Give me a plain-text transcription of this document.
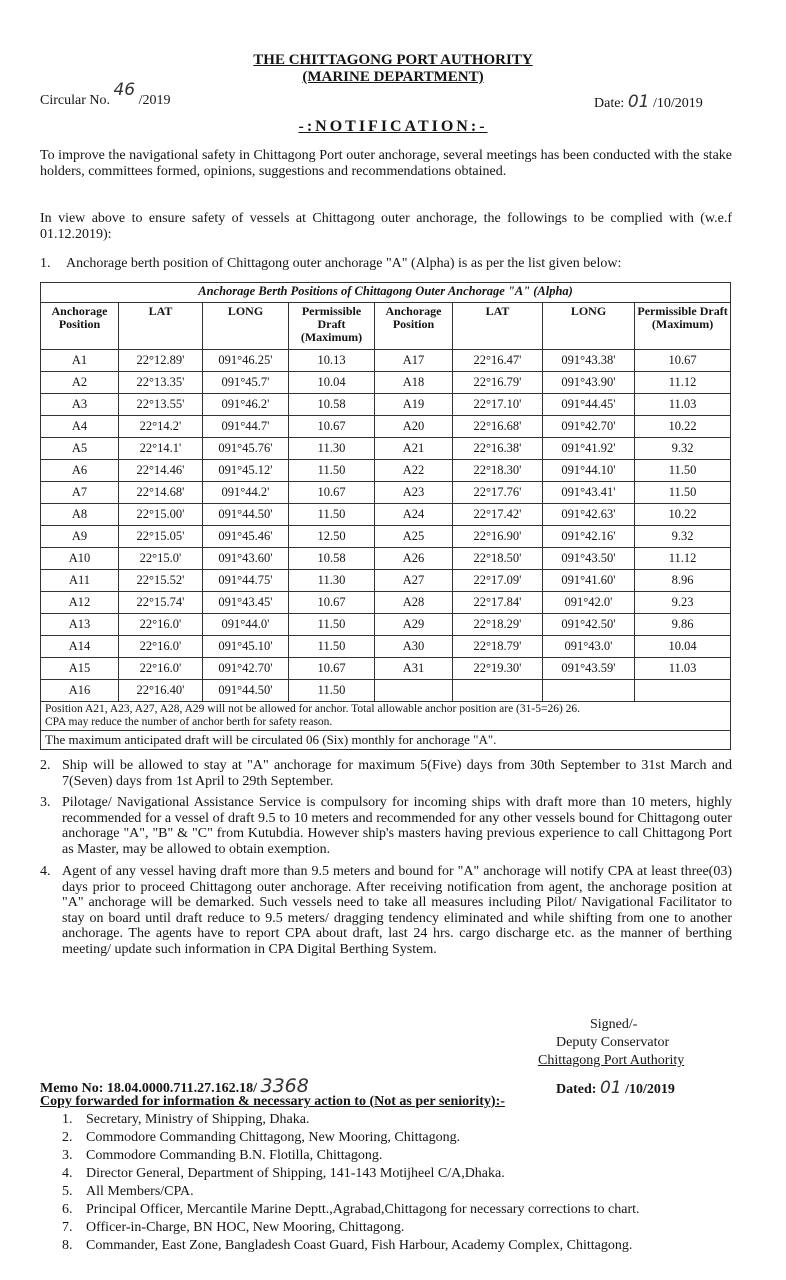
THE CHITTAGONG PORT AUTHORITY
(MARINE DEPARTMENT)
Circular No. 46 /2019	Date: 01 /10/2019
-:NOTIFICATION:-
To improve the navigational safety in Chittagong Port outer anchorage, several meetings has been conducted with the stake holders, committees formed, opinions, suggestions and recommendations obtained.
In view above to ensure safety of vessels at Chittagong outer anchorage, the followings to be complied with (w.e.f 01.12.2019):
1. Anchorage berth position of Chittagong outer anchorage "A" (Alpha) is as per the list given below:
Anchorage Berth Positions of Chittagong Outer Anchorage "A" (Alpha)							
Anchorage Position	LAT	LONG	Permissible Draft (Maximum)	Anchorage Position	LAT	LONG	Permissible Draft (Maximum)
A1	22°12.89'	091°46.25'	10.13	A17	22°16.47'	091°43.38'	10.67
A2	22°13.35'	091°45.7'	10.04	A18	22°16.79'	091°43.90'	11.12
A3	22°13.55'	091°46.2'	10.58	A19	22°17.10'	091°44.45'	11.03
A4	22°14.2'	091°44.7'	10.67	A20	22°16.68'	091°42.70'	10.22
A5	22°14.1'	091°45.76'	11.30	A21	22°16.38'	091°41.92'	9.32
A6	22°14.46'	091°45.12'	11.50	A22	22°18.30'	091°44.10'	11.50
A7	22°14.68'	091°44.2'	10.67	A23	22°17.76'	091°43.41'	11.50
A8	22°15.00'	091°44.50'	11.50	A24	22°17.42'	091°42.63'	10.22
A9	22°15.05'	091°45.46'	12.50	A25	22°16.90'	091°42.16'	9.32
A10	22°15.0'	091°43.60'	10.58	A26	22°18.50'	091°43.50'	11.12
A11	22°15.52'	091°44.75'	11.30	A27	22°17.09'	091°41.60'	8.96
A12	22°15.74'	091°43.45'	10.67	A28	22°17.84'	091°42.0'	9.23
A13	22°16.0'	091°44.0'	11.50	A29	22°18.29'	091°42.50'	9.86
A14	22°16.0'	091°45.10'	11.50	A30	22°18.79'	091°43.0'	10.04
A15	22°16.0'	091°42.70'	10.67	A31	22°19.30'	091°43.59'	11.03
A16	22°16.40'	091°44.50'	11.50				

Position A21, A23, A27, A28, A29 will not be allowed for anchor. Total allowable anchor position are (31-5=26) 26.
CPA may reduce the number of anchor berth for safety reason.							

The maximum anticipated draft will be circulated 06 (Six) monthly for anchorage "A".							
2. Ship will be allowed to stay at "A" anchorage for maximum 5(Five) days from 30th September to 31st March and 7(Seven) days from 1st April to 29th September.
3. Pilotage/ Navigational Assistance Service is compulsory for incoming ships with draft more than 10 meters, highly recommended for a vessel of draft 9.5 to 10 meters and recommended for any other vessels bound for Chittagong outer anchorage "A", "B" & "C" from Kutubdia. However ship's masters having previous experience to call Chittagong Port as Master, may be allowed to obtain exemption.
4. Agent of any vessel having draft more than 9.5 meters and bound for "A" anchorage will notify CPA at least three(03) days prior to proceed Chittagong outer anchorage. After receiving notification from agent, the anchorage position at "A" anchorage will be demarked. Such vessels need to take all measures including Pilot/ Navigational Facilitator to stay on board until draft reduce to 9.5 meters/ dragging tendency eliminated and while shifting from one to another anchorage. The agents have to report CPA about draft, last 24 hrs. cargo discharge etc. as the manner of berthing meeting/ update such information in CPA Digital Berthing System.
Signed/-
Deputy Conservator
Chittagong Port Authority
Memo No: 18.04.0000.711.27.162.18/ 3368	Dated: 01 /10/2019
Copy forwarded for information & necessary action to (Not as per seniority):-
1. Secretary, Ministry of Shipping, Dhaka.
2. Commodore Commanding Chittagong, New Mooring, Chittagong.
3. Commodore Commanding B.N. Flotilla, Chittagong.
4. Director General, Department of Shipping, 141-143 Motijheel C/A,Dhaka.
5. All Members/CPA.
6. Principal Officer, Mercantile Marine Deptt.,Agrabad,Chittagong for necessary corrections to chart.
7. Officer-in-Charge, BN HOC, New Mooring, Chittagong.
8. Commander, East Zone, Bangladesh Coast Guard, Fish Harbour, Academy Complex, Chittagong.
